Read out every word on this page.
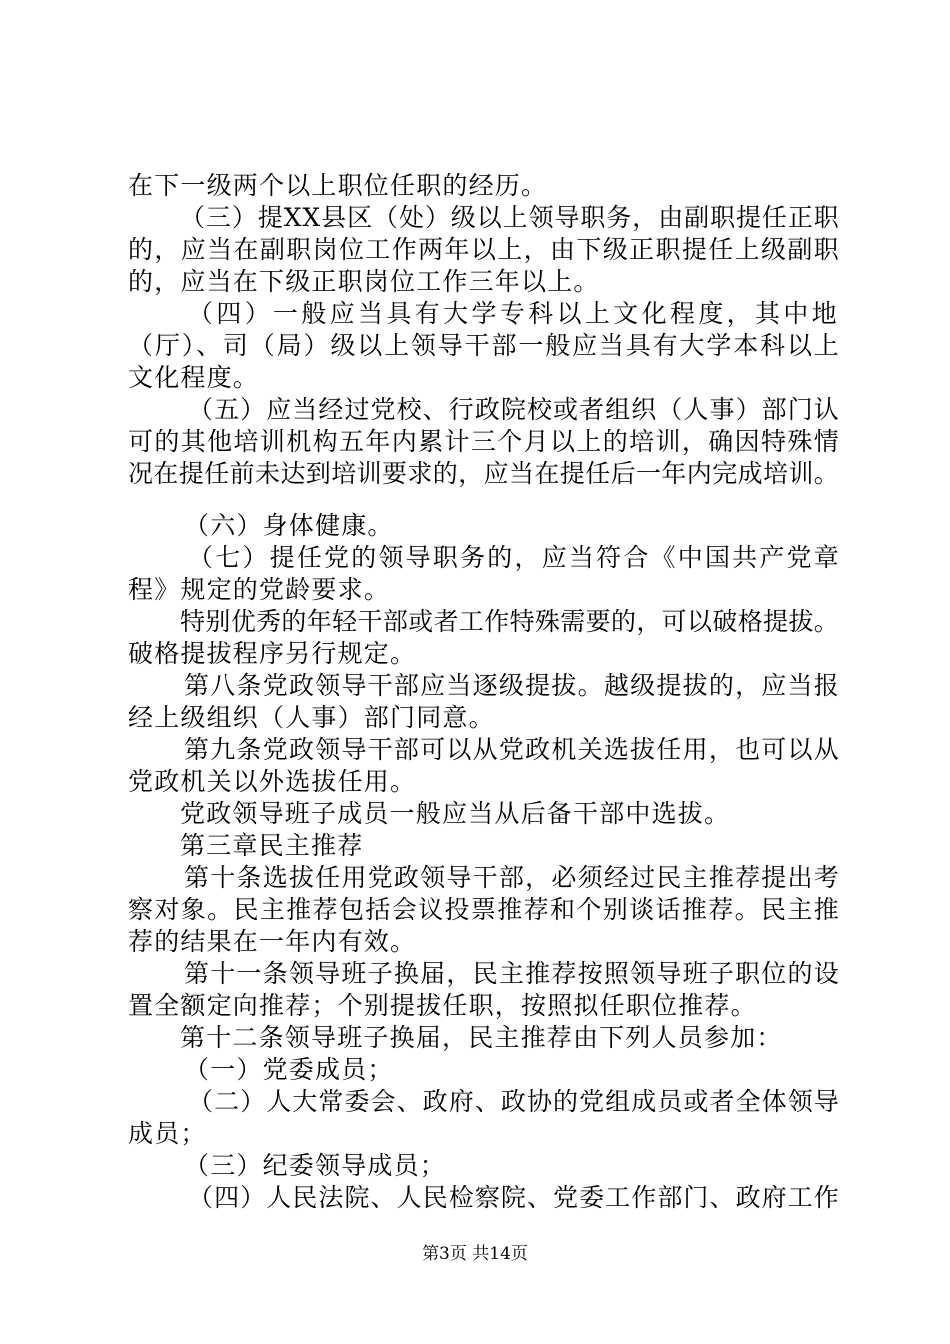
在下一级两个以上职位任职的经历。
（三）提XX县区（处）级以上领导职务，由副职提任正职
的，应当在副职岗位工作两年以上，由下级正职提任上级副职
的，应当在下级正职岗位工作三年以上。
（四）一般应当具有大学专科以上文化程度，其中地
（厅）、司（局）级以上领导干部一般应当具有大学本科以上
文化程度。
（五）应当经过党校、行政院校或者组织（人事）部门认
可的其他培训机构五年内累计三个月以上的培训，确因特殊情
况在提任前未达到培训要求的，应当在提任后一年内完成培训。
（六）身体健康。
（七）提任党的领导职务的，应当符合《中国共产党章
程》规定的党龄要求。
特别优秀的年轻干部或者工作特殊需要的，可以破格提拔。
破格提拔程序另行规定。
第八条党政领导干部应当逐级提拔。越级提拔的，应当报
经上级组织（人事）部门同意。
第九条党政领导干部可以从党政机关选拔任用，也可以从
党政机关以外选拔任用。
党政领导班子成员一般应当从后备干部中选拔。
第三章民主推荐
第十条选拔任用党政领导干部，必须经过民主推荐提出考
察对象。民主推荐包括会议投票推荐和个别谈话推荐。民主推
荐的结果在一年内有效。
第十一条领导班子换届，民主推荐按照领导班子职位的设
置全额定向推荐；个别提拔任职，按照拟任职位推荐。
第十二条领导班子换届，民主推荐由下列人员参加：
（一）党委成员；
（二）人大常委会、政府、政协的党组成员或者全体领导
成员；
（三）纪委领导成员；
（四）人民法院、人民检察院、党委工作部门、政府工作
第3页 共14页
